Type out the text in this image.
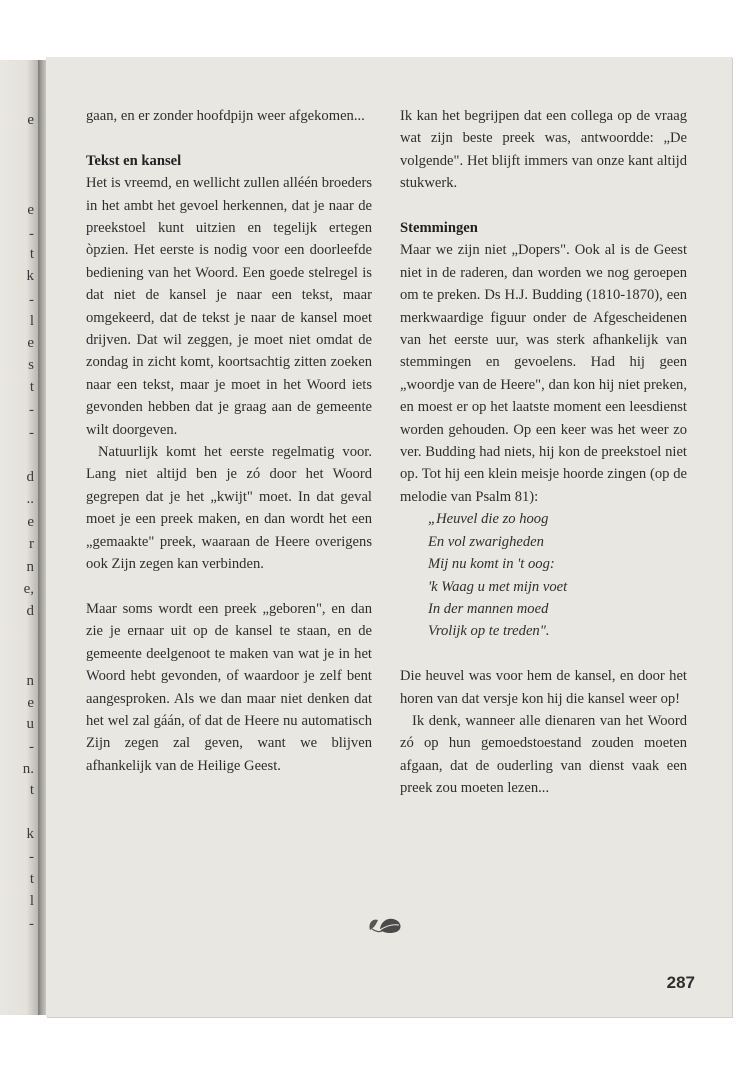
e
e
-
t
k
-
l
e
s
t
-
-
d
..
e
r
n
e,
d
n
e
u
-
n.
t
k
-
t
l
-

gaan, en er zonder hoofdpijn weer afgekomen...

Tekst en kansel

Het is vreemd, en wellicht zullen alléén broeders in het ambt het gevoel herkennen, dat je naar de preekstoel kunt uitzien en tegelijk ertegen òpzien. Het eerste is nodig voor een doorleefde bediening van het Woord. Een goede stelregel is dat niet de kansel je naar een tekst, maar omgekeerd, dat de tekst je naar de kansel moet drijven. Dat wil zeggen, je moet niet omdat de zondag in zicht komt, koortsachtig zitten zoeken naar een tekst, maar je moet in het Woord iets gevonden hebben dat je graag aan de gemeente wilt doorgeven.

Natuurlijk komt het eerste regelmatig voor. Lang niet altijd ben je zó door het Woord gegrepen dat je het „kwijt" moet. In dat geval moet je een preek maken, en dan wordt het een „gemaakte" preek, waaraan de Heere overigens ook Zijn zegen kan verbinden.

Maar soms wordt een preek „geboren", en dan zie je ernaar uit op de kansel te staan, en de gemeente deelgenoot te maken van wat je in het Woord hebt gevonden, of waardoor je zelf bent aangesproken. Als we dan maar niet denken dat het wel zal gáán, of dat de Heere nu automatisch Zijn zegen zal geven, want we blijven afhankelijk van de Heilige Geest.

Ik kan het begrijpen dat een collega op de vraag wat zijn beste preek was, antwoordde: „De volgende". Het blijft immers van onze kant altijd stukwerk.

Stemmingen

Maar we zijn niet „Dopers". Ook al is de Geest niet in de raderen, dan worden we nog geroepen om te preken. Ds H.J. Budding (1810-1870), een merkwaardige figuur onder de Afgescheidenen van het eerste uur, was sterk afhankelijk van stemmingen en gevoelens. Had hij geen „woordje van de Heere", dan kon hij niet preken, en moest er op het laatste moment een leesdienst worden gehouden. Op een keer was het weer zo ver. Budding had niets, hij kon de preekstoel niet op. Tot hij een klein meisje hoorde zingen (op de melodie van Psalm 81):

„Heuvel die zo hoog
En vol zwarigheden
Mij nu komt in 't oog:
'k Waag u met mijn voet
In der mannen moed
Vrolijk op te treden".

Die heuvel was voor hem de kansel, en door het horen van dat versje kon hij die kansel weer op!

Ik denk, wanneer alle dienaren van het Woord zó op hun gemoedstoestand zouden moeten afgaan, dat de ouderling van dienst vaak een preek zou moeten lezen...

287
